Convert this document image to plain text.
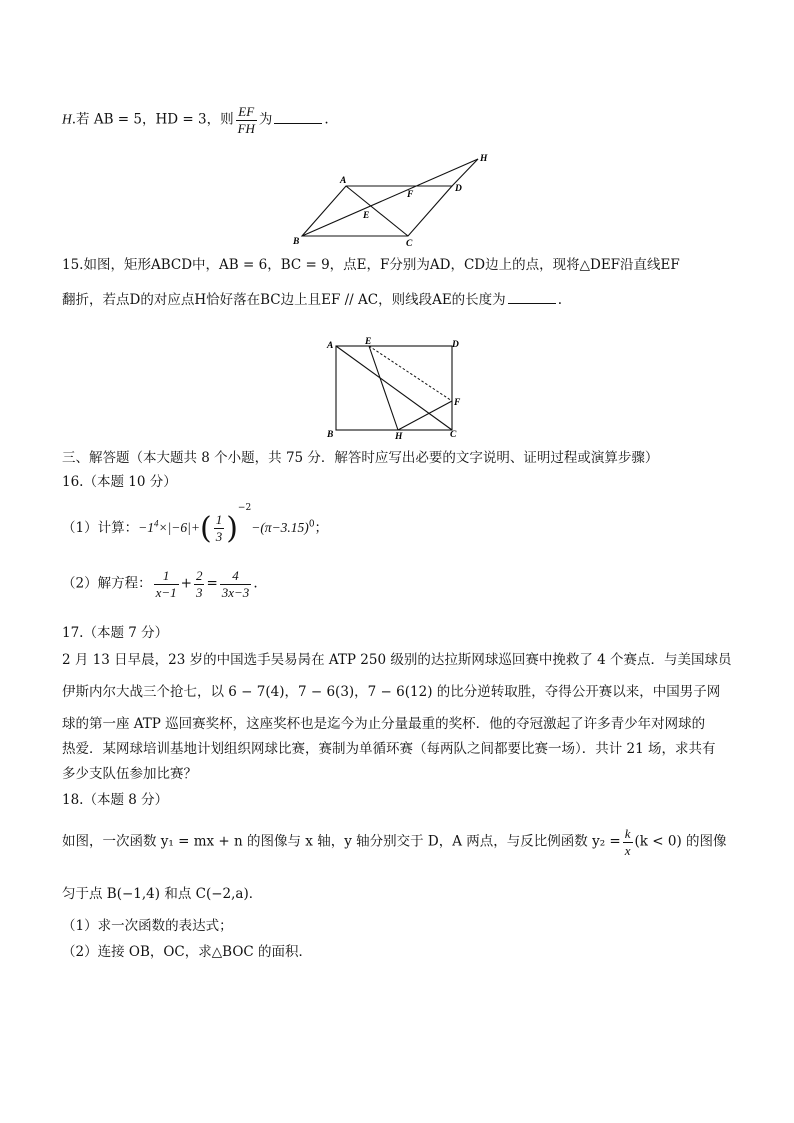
H.若 AB = 5，HD = 3，则 $\frac{EF}{FH}$ 为	.
A
D
B	C
E
F
H
15.如图，矩形ABCD中，AB = 6，BC = 9，点E，F分别为AD，CD边上的点，现将△DEF沿直线EF
翻折，若点D的对应点H恰好落在BC边上且EF // AC，则线段AE的长度为	.
A	E	D
F
B	H	C
三、解答题（本大题共 8 个小题，共 75 分．解答时应写出必要的文字说明、证明过程或演算步骤）
16.（本题 10 分）
（1）计算：$-1^4\times|-6|+( \frac{1}{3} )^{-2}-(\pi-3.15)^0$；
（2）解方程： $\frac{1}{x-1} + \frac{2}{3} = \frac{4}{3x-3}$ .
17.（本题 7 分）
2 月 13 日早晨，23 岁的中国选手吴易昺在 ATP 250 级别的达拉斯网球巡回赛中挽救了 4 个赛点．与美国球员
伊斯内尔大战三个抢七，以 6 − 7(4)，7 − 6(3)，7 − 6(12) 的比分逆转取胜，夺得公开赛以来，中国男子网
球的第一座 ATP 巡回赛奖杯，这座奖杯也是迄今为止分量最重的奖杯．他的夺冠激起了许多青少年对网球的
热爱．某网球培训基地计划组织网球比赛，赛制为单循环赛（每两队之间都要比赛一场）．共计 21 场，求共有
多少支队伍参加比赛？
18.（本题 8 分）
如图，一次函数 y₁ = mx + n 的图像与 x 轴，y 轴分别交于 D，A 两点，与反比例函数 $y_2 = \frac{k}{x} (k < 0)$ 的图像
匀于点 B(−1,4) 和点 C(−2,a)．
（1）求一次函数的表达式；
（2）连接 OB，OC，求△BOC 的面积．
